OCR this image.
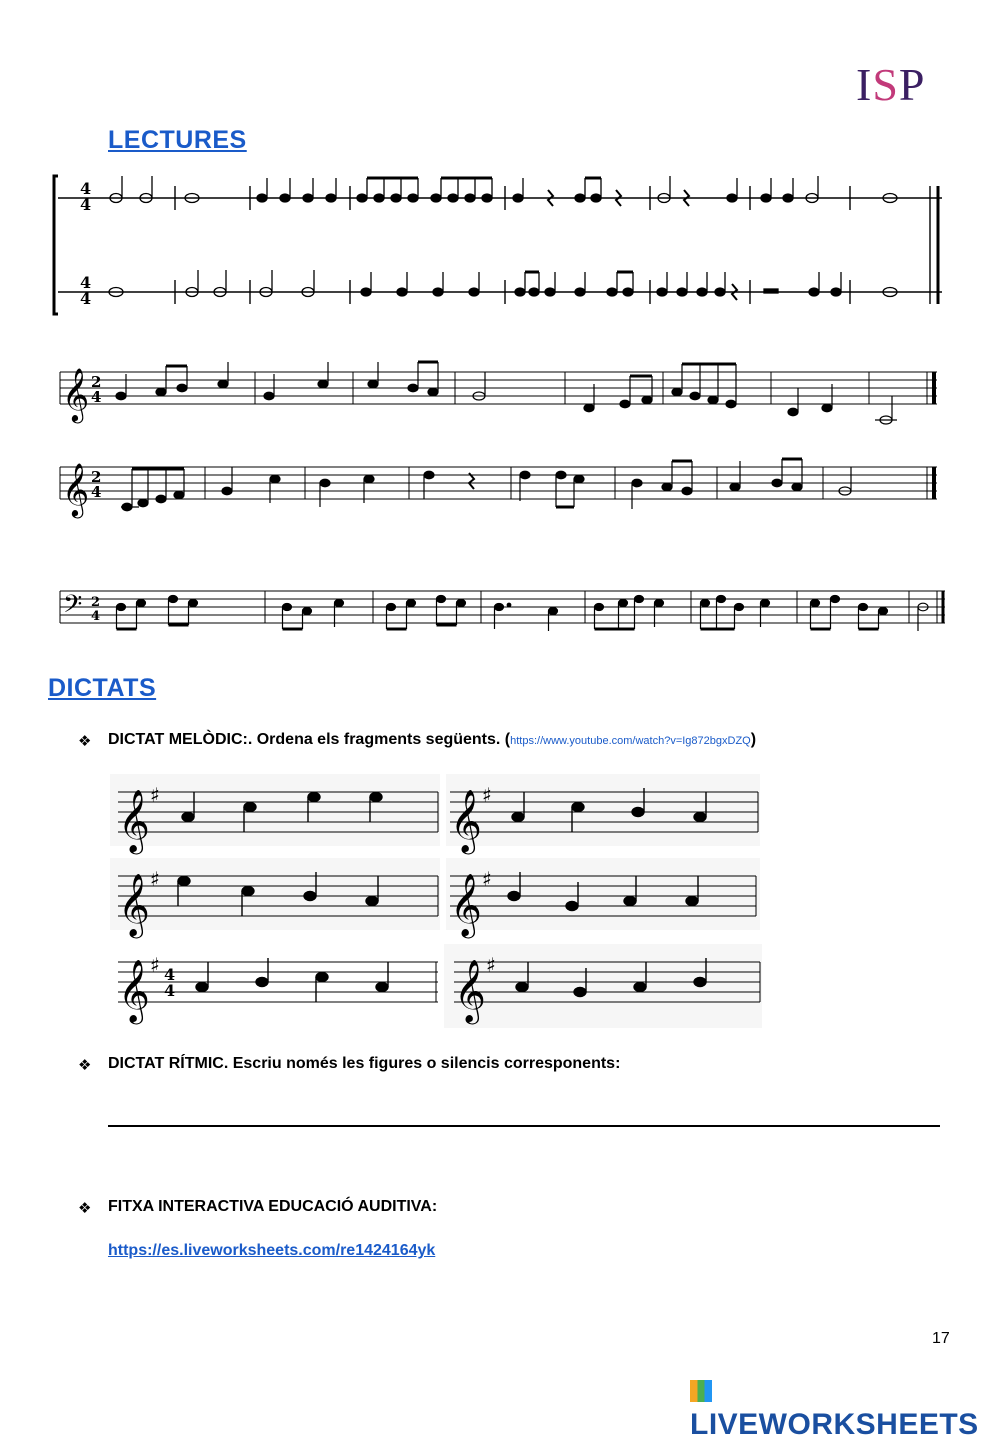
ISP
LECTURES
4
4
4
4
𝄞 2
4
𝄞 2
4
𝄢 2
4
DICTATS
❖ DICTAT MELÒDIC:. Ordena els fragments següents. (https://www.youtube.com/watch?v=Ig872bgxDZQ)
𝄞 ♯	𝄞 ♯
𝄞 ♯	𝄞 ♯
𝄞 ♯ 4
4	𝄞 ♯
❖ DICTAT RÍTMIC. Escriu només les figures o silencis corresponents:
❖ FITXA INTERACTIVA EDUCACIÓ AUDITIVA:
https://es.liveworksheets.com/re1424164yk
17
LIVEWORKSHEETS
